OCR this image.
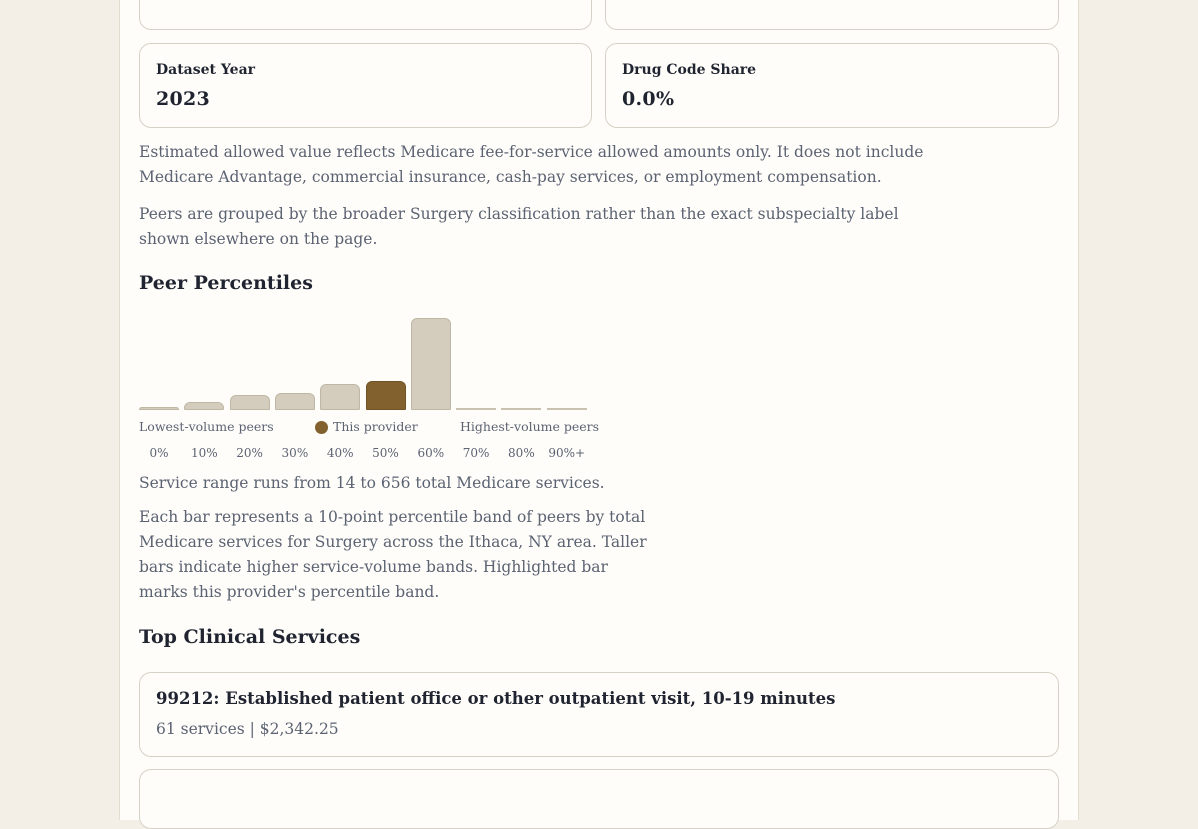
Dataset Year
2023
Drug Code Share
0.0%

Estimated allowed value reflects Medicare fee-for-service allowed amounts only. It does not include
Medicare Advantage, commercial insurance, cash-pay services, or employment compensation.

Peers are grouped by the broader Surgery classification rather than the exact subspecialty label
shown elsewhere on the page.

Peer Percentiles
Lowest-volume peers	This provider	Highest-volume peers
0%	10%	20%	30%	40%	50%	60%	70%	80%	90%+

Service range runs from 14 to 656 total Medicare services.

Each bar represents a 10-point percentile band of peers by total
Medicare services for Surgery across the Ithaca, NY area. Taller
bars indicate higher service-volume bands. Highlighted bar
marks this provider's percentile band.

Top Clinical Services
99212: Established patient office or other outpatient visit, 10-19 minutes
61 services | $2,342.25
